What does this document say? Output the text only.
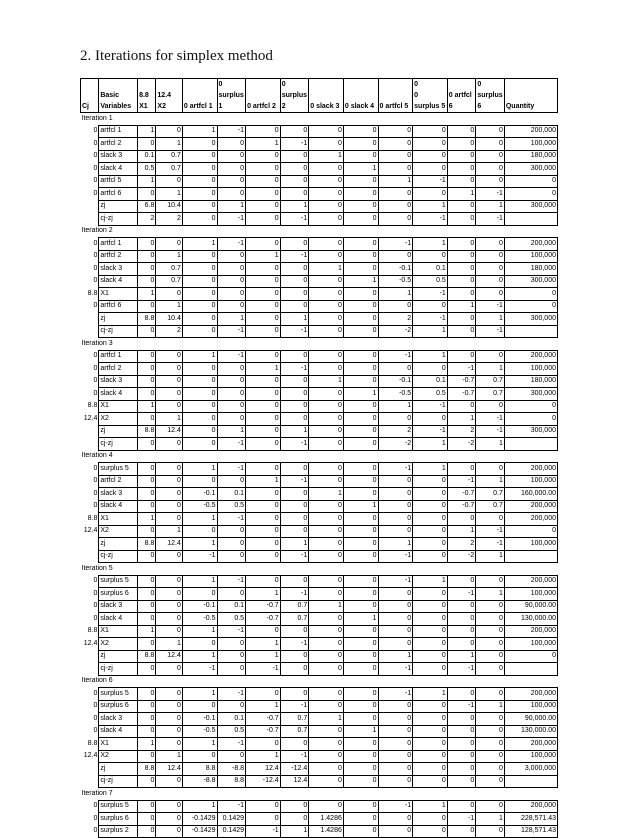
2. Iterations for simplex method
					0		0				0		0	
	Basic	8.8	12.4		surplus		surplus				0	0 artfcl	surplus	
Cj	Variables	X1	X2	0 artfcl 1	1	0 artfcl 2	2	0 slack 3	0 slack 4	0 artfcl 5	surplus 5	6	6	Quantity
Iteration 1														
0	artfcl 1	1	0	1	-1	0	0	0	0	0	0	0	0	200,000
0	artfcl 2	0	1	0	0	1	-1	0	0	0	0	0	0	100,000
0	slack 3	0.1	0.7	0	0	0	0	1	0	0	0	0	0	180,000
0	slack 4	0.5	0.7	0	0	0	0	0	1	0	0	0	0	300,000
0	artfcl 5	1	0	0	0	0	0	0	0	1	-1	0	0	0
0	artfcl 6	0	1	0	0	0	0	0	0	0	0	1	-1	0
	zj	6.8	10.4	0	1	0	1	0	0	0	1	0	1	300,000
	cj-zj	2	2	0	-1	0	-1	0	0	0	-1	0	-1	
Iteration 2														
0	artfcl 1	0	0	1	-1	0	0	0	0	-1	1	0	0	200,000
0	artfcl 2	0	1	0	0	1	-1	0	0	0	0	0	0	100,000
0	slack 3	0	0.7	0	0	0	0	1	0	-0.1	0.1	0	0	180,000
0	slack 4	0	0.7	0	0	0	0	0	1	-0.5	0.5	0	0	300,000
8.8	X1	1	0	0	0	0	0	0	0	1	-1	0	0	0
0	artfcl 6	0	1	0	0	0	0	0	0	0	0	1	-1	0
	zj	8.8	10.4	0	1	0	1	0	0	2	-1	0	1	300,000
	cj-zj	0	2	0	-1	0	-1	0	0	-2	1	0	-1	
Iteration 3														
0	artfcl 1	0	0	1	-1	0	0	0	0	-1	1	0	0	200,000
0	artfcl 2	0	0	0	0	1	-1	0	0	0	0	-1	1	100,000
0	slack 3	0	0	0	0	0	0	1	0	-0.1	0.1	-0.7	0.7	180,000
0	slack 4	0	0	0	0	0	0	0	1	-0.5	0.5	-0.7	0.7	300,000
8.8	X1	1	0	0	0	0	0	0	0	1	-1	0	0	0
12.4	X2	0	1	0	0	0	0	0	0	0	0	1	-1	0
	zj	8.8	12.4	0	1	0	1	0	0	2	-1	2	-1	300,000
	cj-zj	0	0	0	-1	0	-1	0	0	-2	1	-2	1	
Iteration 4														
0	surplus 5	0	0	1	-1	0	0	0	0	-1	1	0	0	200,000
0	artfcl 2	0	0	0	0	1	-1	0	0	0	0	-1	1	100,000
0	slack 3	0	0	-0.1	0.1	0	0	1	0	0	0	-0.7	0.7	160,000.00
0	slack 4	0	0	-0.5	0.5	0	0	0	1	0	0	-0.7	0.7	200,000
8.8	X1	1	0	1	-1	0	0	0	0	0	0	0	0	200,000
12.4	X2	0	1	0	0	0	0	0	0	0	0	1	-1	0
	zj	8.8	12.4	1	0	0	1	0	0	1	0	2	-1	100,000
	cj-zj	0	0	-1	0	0	-1	0	0	-1	0	-2	1	
Iteration 5														
0	surplus 5	0	0	1	-1	0	0	0	0	-1	1	0	0	200,000
0	surplus 6	0	0	0	0	1	-1	0	0	0	0	-1	1	100,000
0	slack 3	0	0	-0.1	0.1	-0.7	0.7	1	0	0	0	0	0	90,000.00
0	slack 4	0	0	-0.5	0.5	-0.7	0.7	0	1	0	0	0	0	130,000.00
8.8	X1	1	0	1	-1	0	0	0	0	0	0	0	0	200,000
12.4	X2	0	1	0	0	1	-1	0	0	0	0	0	0	100,000
	zj	8.8	12.4	1	0	1	0	0	0	1	0	1	0	0
	cj-zj	0	0	-1	0	-1	0	0	0	-1	0	-1	0	
Iteration 6														
0	surplus 5	0	0	1	-1	0	0	0	0	-1	1	0	0	200,000
0	surplus 6	0	0	0	0	1	-1	0	0	0	0	-1	1	100,000
0	slack 3	0	0	-0.1	0.1	-0.7	0.7	1	0	0	0	0	0	90,000.00
0	slack 4	0	0	-0.5	0.5	-0.7	0.7	0	1	0	0	0	0	130,000.00
8.8	X1	1	0	1	-1	0	0	0	0	0	0	0	0	200,000
12.4	X2	0	1	0	0	1	-1	0	0	0	0	0	0	100,000
	zj	8.8	12.4	8.8	-8.8	12.4	-12.4	0	0	0	0	0	0	3,000,000
	cj-zj	0	0	-8.8	8.8	-12.4	12.4	0	0	0	0	0	0	
Iteration 7														
0	surplus 5	0	0	1	-1	0	0	0	0	-1	1	0	0	200,000
0	surplus 6	0	0	-0.1429	0.1429	0	0	1.4286	0	0	0	-1	1	228,571.43
0	surplus 2	0	0	-0.1429	0.1429	-1	1	1.4286	0	0	0	0	0	128,571.43
